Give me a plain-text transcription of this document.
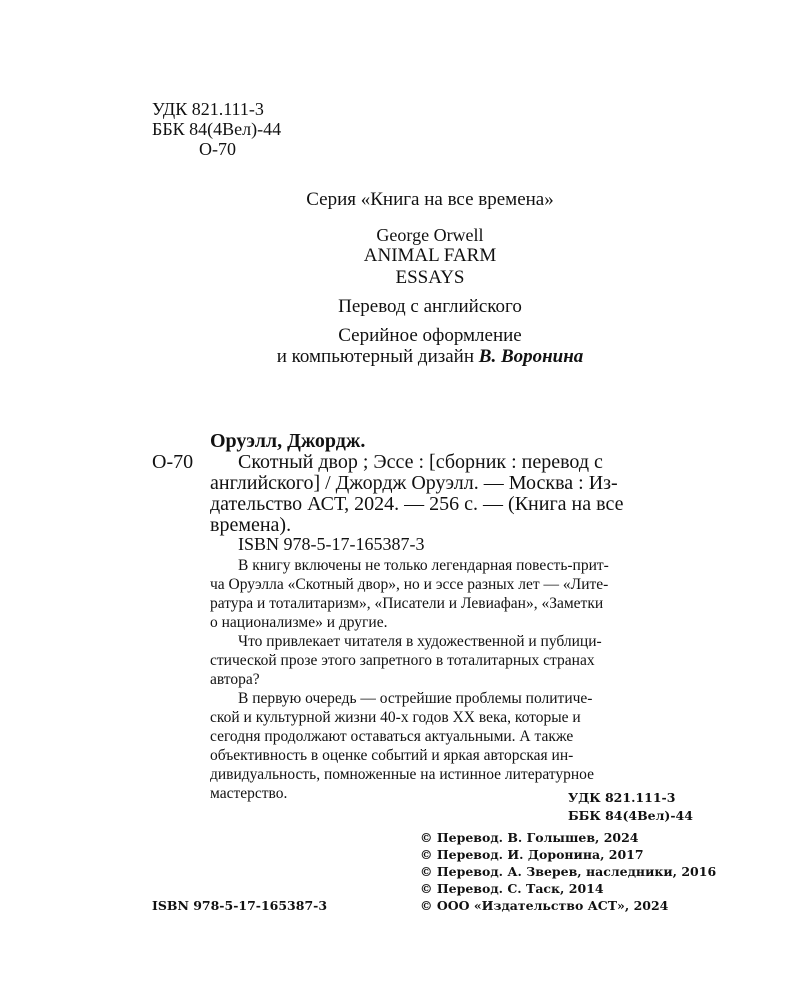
УДК 821.111-3
ББК 84(4Вел)-44
О-70
Серия «Книга на все времена»
George Orwell
ANIMAL FARM
ESSAYS
Перевод с английского
Серийное оформление
и компьютерный дизайн В. Воронина
Оруэлл, Джордж.
О-70 Скотный двор ; Эссе : [сборник : перевод с
английского] / Джордж Оруэлл. — Москва : Из-
дательство АСТ, 2024. — 256 с. — (Книга на все
времена).
ISBN 978-5-17-165387-3
В книгу включены не только легендарная повесть-прит-
ча Оруэлла «Скотный двор», но и эссе разных лет — «Лите-
ратура и тоталитаризм», «Писатели и Левиафан», «Заметки
о национализме» и другие.
Что привлекает читателя в художественной и публици-
стической прозе этого запретного в тоталитарных странах
автора?
В первую очередь — острейшие проблемы политиче-
ской и культурной жизни 40-х годов XX века, которые и
сегодня продолжают оставаться актуальными. А также
объективность в оценке событий и яркая авторская ин-
дивидуальность, помноженные на истинное литературное
мастерство.	УДК 821.111-3
ББК 84(4Вел)-44
© Перевод. В. Голышев, 2024
© Перевод. И. Доронина, 2017
© Перевод. А. Зверев, наследники, 2016
© Перевод. С. Таск, 2014
© ООО «Издательство АСТ», 2024
ISBN 978-5-17-165387-3
